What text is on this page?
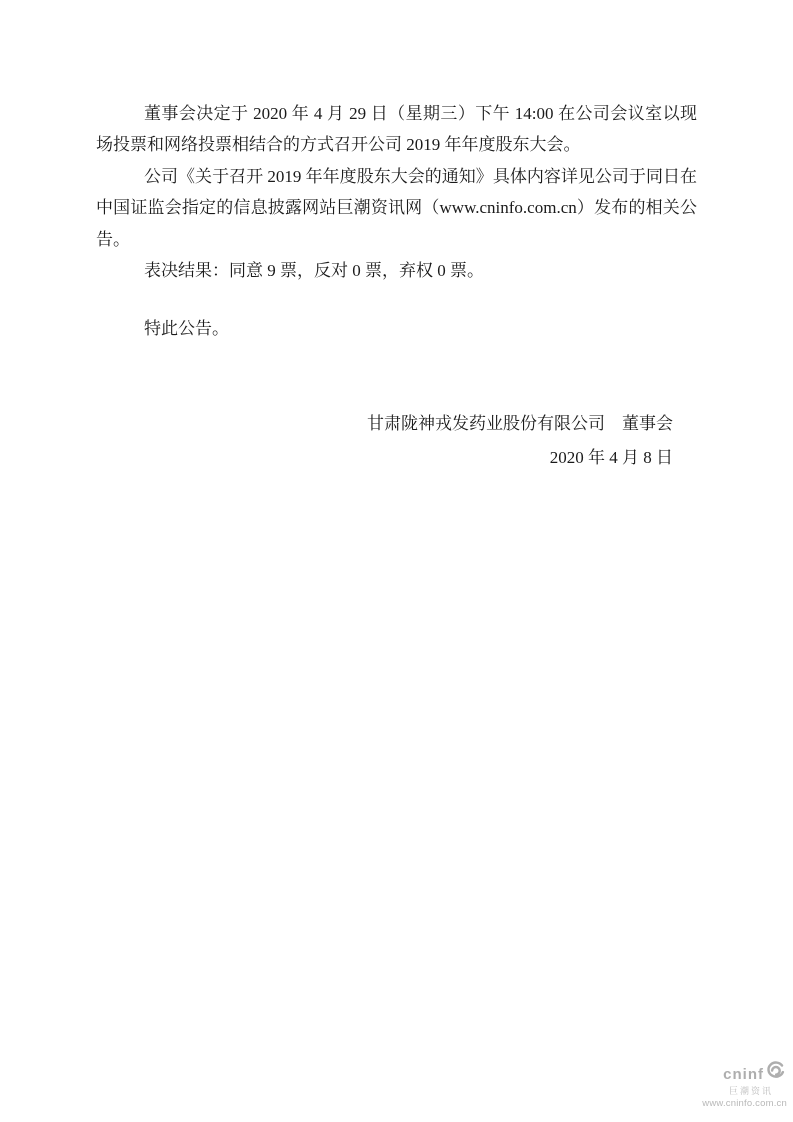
董事会决定于 2020 年 4 月 29 日（星期三）下午 14:00 在公司会议室以现场投票和网络投票相结合的方式召开公司 2019 年年度股东大会。

公司《关于召开 2019 年年度股东大会的通知》具体内容详见公司于同日在中国证监会指定的信息披露网站巨潮资讯网（www.cninfo.com.cn）发布的相关公告。

表决结果：同意 9 票，反对 0 票，弃权 0 票。

特此公告。

甘肃陇神戎发药业股份有限公司　董事会
2020 年 4 月 8 日
cninf
巨潮资讯
www.cninfo.com.cn
